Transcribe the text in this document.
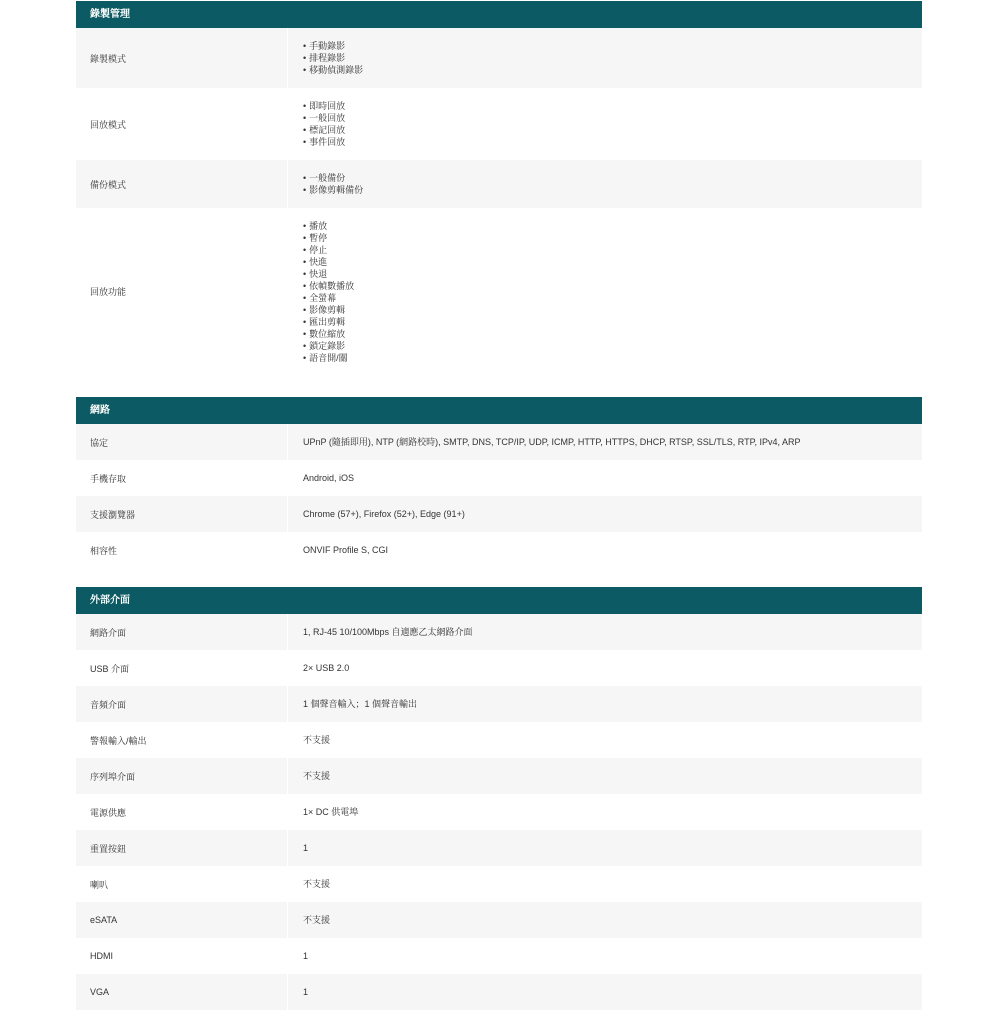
錄製管理
錄製模式
• 手動錄影
• 排程錄影
• 移動偵測錄影
回放模式
• 即時回放
• 一般回放
• 標記回放
• 事件回放
備份模式
• 一般備份
• 影像剪輯備份
回放功能
• 播放
• 暫停
• 停止
• 快進
• 快退
• 依幀數播放
• 全螢幕
• 影像剪輯
• 匯出剪輯
• 數位縮放
• 鎖定錄影
• 語音開/關
網路
協定	UPnP (隨插即用), NTP (網路校時), SMTP, DNS, TCP/IP, UDP, ICMP, HTTP, HTTPS, DHCP, RTSP, SSL/TLS, RTP, IPv4, ARP
手機存取	Android, iOS
支援瀏覽器	Chrome (57+), Firefox (52+), Edge (91+)
相容性	ONVIF Profile S, CGI
外部介面
網路介面	1, RJ-45 10/100Mbps 自適應乙太網路介面
USB 介面	2× USB 2.0
音頻介面	1 個聲音輸入；1 個聲音輸出
警報輸入/輸出	不支援
序列埠介面	不支援
電源供應	1× DC 供電埠
重置按鈕	1
喇叭	不支援
eSATA	不支援
HDMI	1
VGA	1
